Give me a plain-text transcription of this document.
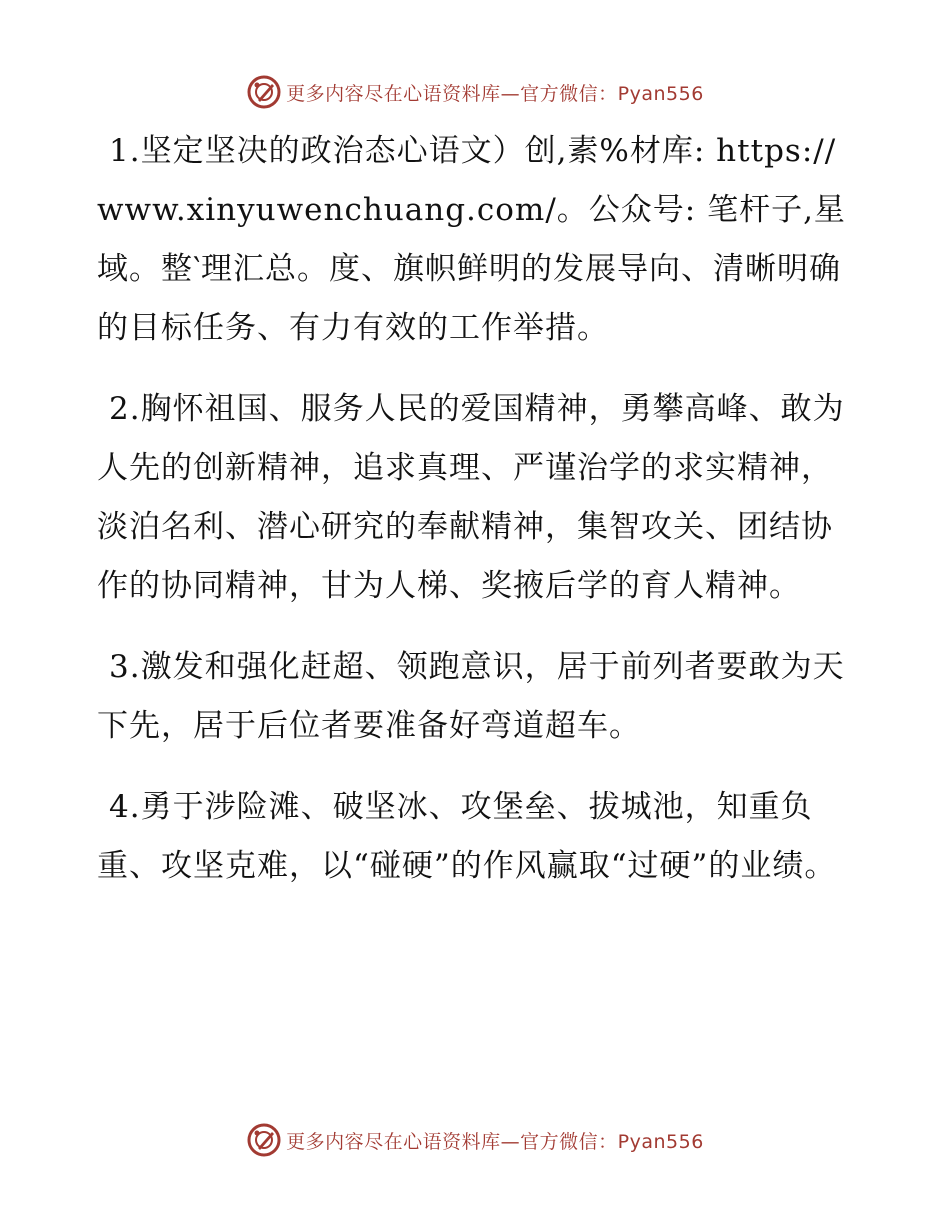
更多内容尽在心语资料库—官方微信：Pyan556

1.坚定坚决的政治态心语文）创,素%材库: https://www.xinyuwenchuang.com/。公众号: 笔杆子,星域。整‵理汇总。度、旗帜鲜明的发展导向、清晰明确的目标任务、有力有效的工作举措。

2.胸怀祖国、服务人民的爱国精神，勇攀高峰、敢为人先的创新精神，追求真理、严谨治学的求实精神，淡泊名利、潜心研究的奉献精神，集智攻关、团结协作的协同精神，甘为人梯、奖掖后学的育人精神。

3.激发和强化赶超、领跑意识，居于前列者要敢为天下先，居于后位者要准备好弯道超车。

4.勇于涉险滩、破坚冰、攻堡垒、拔城池，知重负重、攻坚克难，以“碰硬”的作风赢取“过硬”的业绩。

更多内容尽在心语资料库—官方微信：Pyan556
